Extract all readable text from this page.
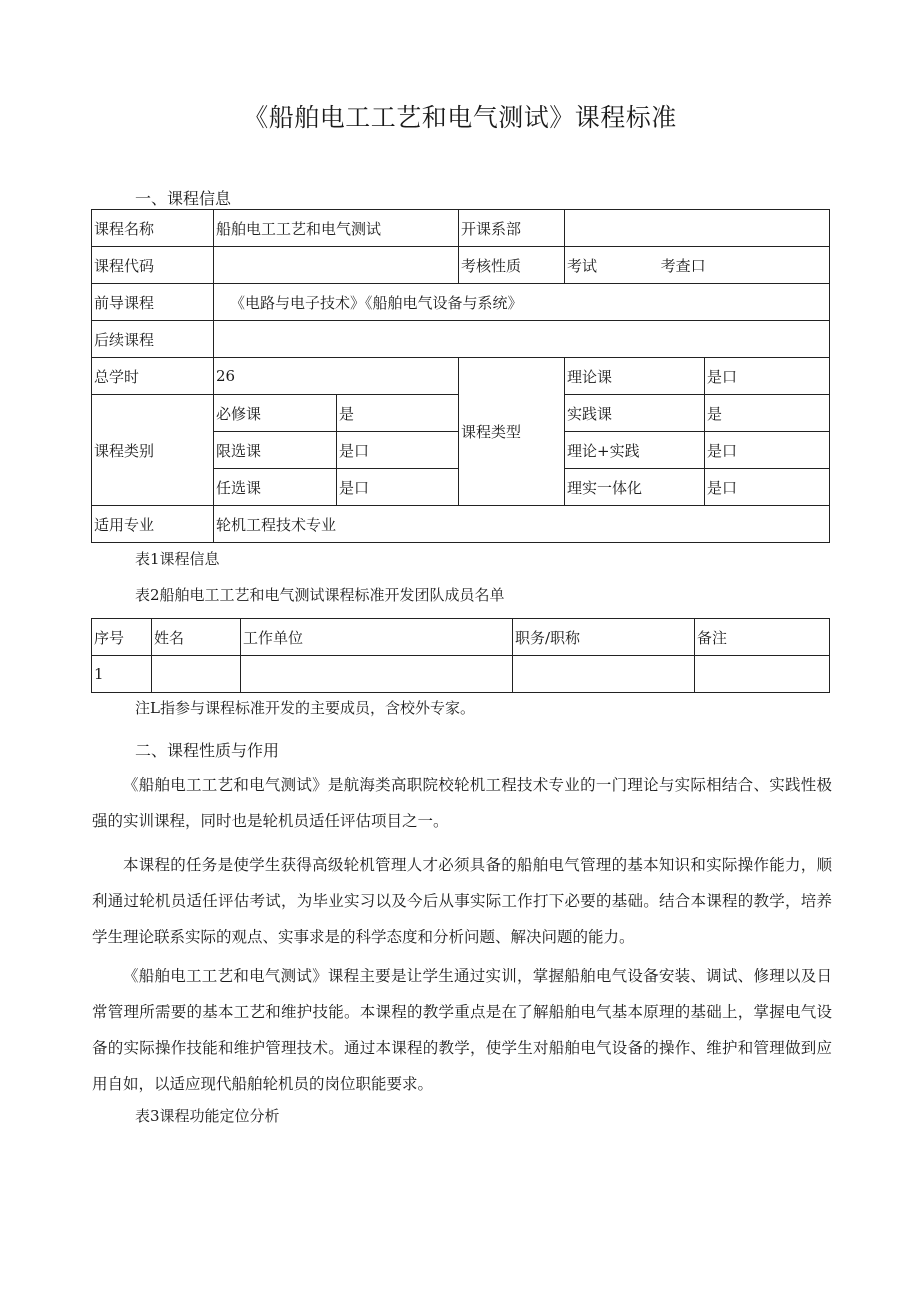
《船舶电工工艺和电气测试》课程标准
一、课程信息
课程名称	船舶电工工艺和电气测试		开课系部		
课程代码			考核性质	考试 考查口	
前导课程	《电路与电子技术》《船舶电气设备与系统》				
后续课程					
总学时	26		课程类型	理论课	是口
课程类别	必修课	是		实践课	是
	限选课	是口		理论+实践	是口
	任选课	是口		理实一体化	是口
适用专业	轮机工程技术专业				
表1课程信息
表2船舶电工工艺和电气测试课程标准开发团队成员名单
序号	姓名	工作单位	职务/职称	备注
1				
注L指参与课程标准开发的主要成员，含校外专家。
二、课程性质与作用
《船舶电工工艺和电气测试》是航海类高职院校轮机工程技术专业的一门理论与实际相结合、实践性极强的实训课程，同时也是轮机员适任评估项目之一。
本课程的任务是使学生获得高级轮机管理人才必须具备的船舶电气管理的基本知识和实际操作能力，顺利通过轮机员适任评估考试，为毕业实习以及今后从事实际工作打下必要的基础。结合本课程的教学，培养学生理论联系实际的观点、实事求是的科学态度和分析问题、解决问题的能力。
《船舶电工工艺和电气测试》课程主要是让学生通过实训，掌握船舶电气设备安装、调试、修理以及日常管理所需要的基本工艺和维护技能。本课程的教学重点是在了解船舶电气基本原理的基础上，掌握电气设备的实际操作技能和维护管理技术。通过本课程的教学，使学生对船舶电气设备的操作、维护和管理做到应用自如，以适应现代船舶轮机员的岗位职能要求。
表3课程功能定位分析
